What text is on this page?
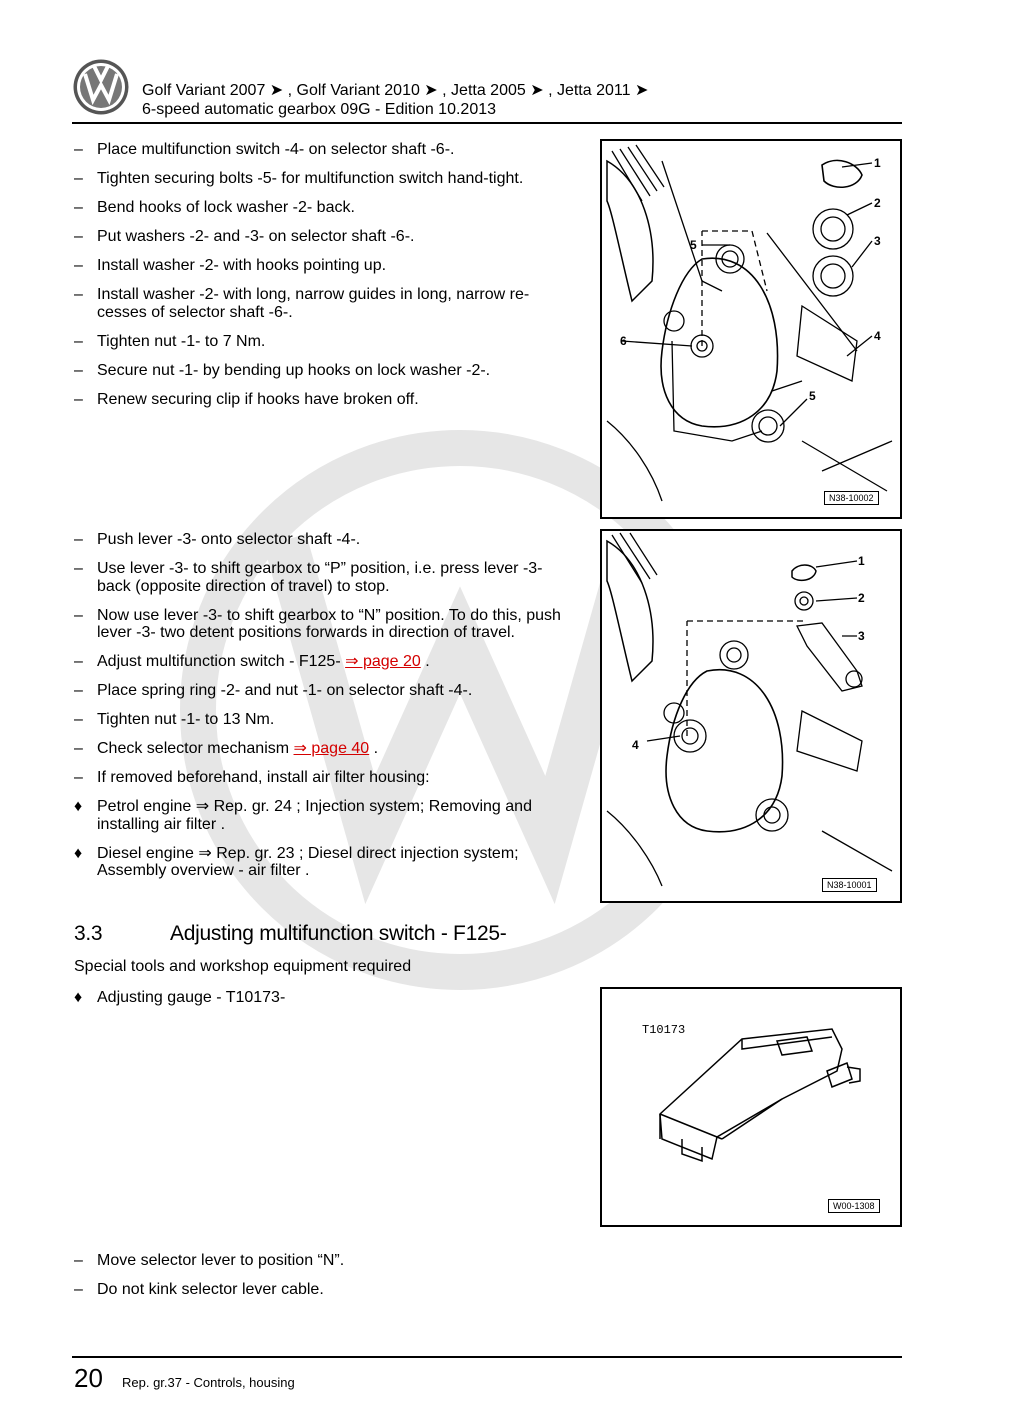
Golf Variant 2007 ➤ , Golf Variant 2010 ➤ , Jetta 2005 ➤ , Jetta 2011 ➤
6-speed automatic gearbox 09G - Edition 10.2013
– Place multifunction switch -4- on selector shaft -6-.
– Tighten securing bolts -5- for multifunction switch hand-tight.
– Bend hooks of lock washer -2- back.
– Put washers -2- and -3- on selector shaft -6-.
– Install washer -2- with hooks pointing up.
– Install washer -2- with long, narrow guides in long, narrow re- cesses of selector shaft -6-.
– Tighten nut -1- to 7 Nm.
– Secure nut -1- by bending up hooks on lock washer -2-.
– Renew securing clip if hooks have broken off.
– Push lever -3- onto selector shaft -4-.
– Use lever -3- to shift gearbox to “P” position, i.e. press lever -3- back (opposite direction of travel) to stop.
– Now use lever -3- to shift gearbox to “N” position. To do this, push lever -3- two detent positions forwards in direction of travel.
– Adjust multifunction switch - F125- ⇒ page 20 .
– Place spring ring -2- and nut -1- on selector shaft -4-.
– Tighten nut -1- to 13 Nm.
– Check selector mechanism ⇒ page 40 .
– If removed beforehand, install air filter housing:
♦ Petrol engine ⇒ Rep. gr. 24 ; Injection system; Removing and installing air filter .
♦ Diesel engine ⇒ Rep. gr. 23 ; Diesel direct injection system; Assembly overview - air filter .
3.3	Adjusting multifunction switch - F125-
Special tools and workshop equipment required
♦ Adjusting gauge - T10173-
– Move selector lever to position “N”.
– Do not kink selector lever cable.
1
2
3
4
5
5
6
N38-10002
1
2
3
4
N38-10001
T10173
W00-1308
20 Rep. gr.37 - Controls, housing
